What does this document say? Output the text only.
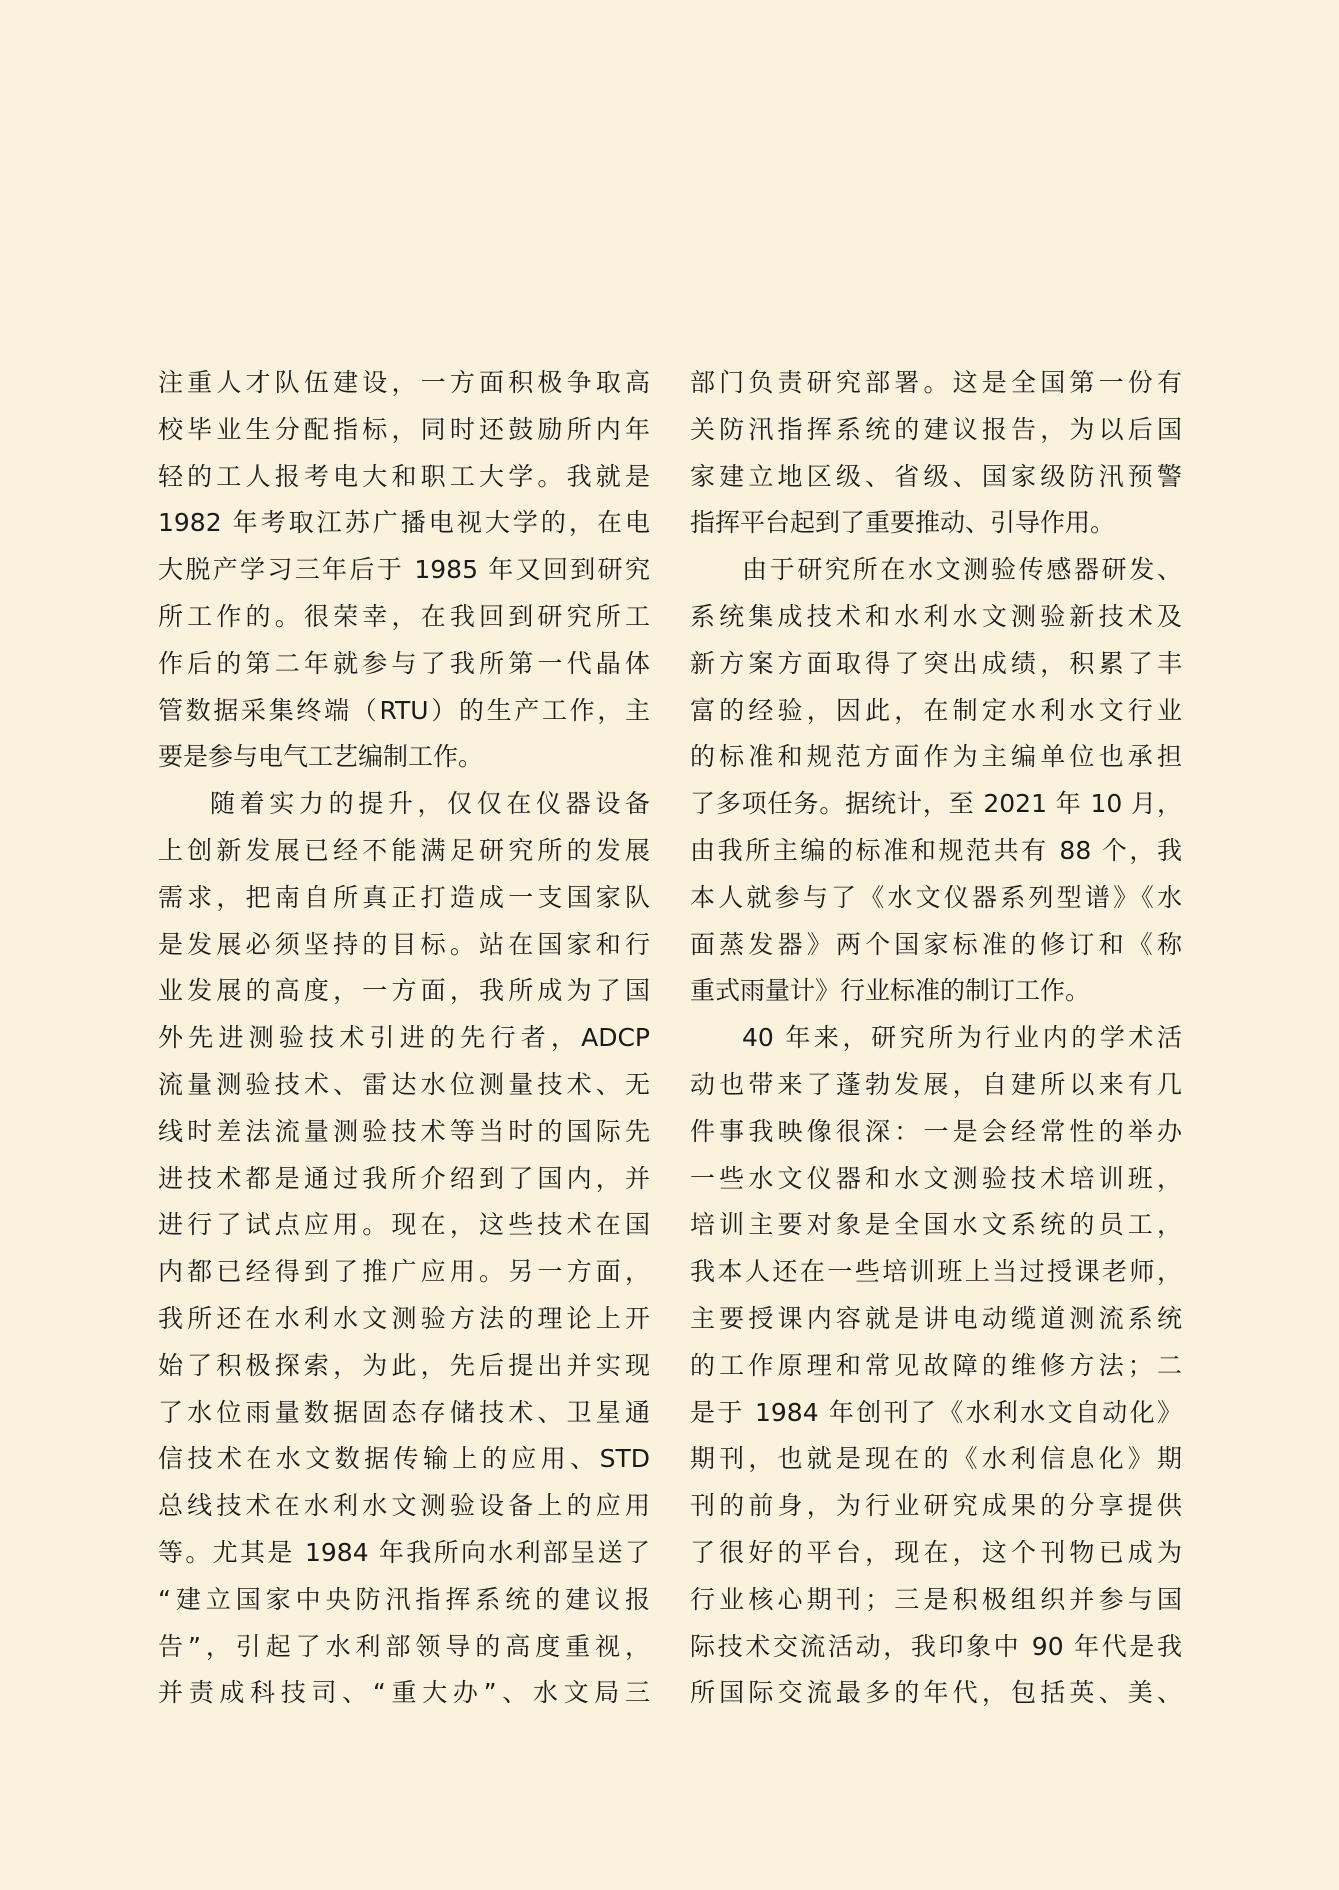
注重人才队伍建设，一方面积极争取高
校毕业生分配指标，同时还鼓励所内年
轻的工人报考电大和职工大学。我就是
1982 年考取江苏广播电视大学的，在电
大脱产学习三年后于 1985 年又回到研究
所工作的。很荣幸，在我回到研究所工
作后的第二年就参与了我所第一代晶体
管数据采集终端（RTU）的生产工作，主
要是参与电气工艺编制工作。
随着实力的提升，仅仅在仪器设备
上创新发展已经不能满足研究所的发展
需求，把南自所真正打造成一支国家队
是发展必须坚持的目标。站在国家和行
业发展的高度，一方面，我所成为了国
外先进测验技术引进的先行者，ADCP
流量测验技术、雷达水位测量技术、无
线时差法流量测验技术等当时的国际先
进技术都是通过我所介绍到了国内，并
进行了试点应用。现在，这些技术在国
内都已经得到了推广应用。另一方面，
我所还在水利水文测验方法的理论上开
始了积极探索，为此，先后提出并实现
了水位雨量数据固态存储技术、卫星通
信技术在水文数据传输上的应用、STD
总线技术在水利水文测验设备上的应用
等。尤其是 1984 年我所向水利部呈送了
“建立国家中央防汛指挥系统的建议报
告”，引起了水利部领导的高度重视，
并责成科技司、“重大办”、水文局三
部门负责研究部署。这是全国第一份有
关防汛指挥系统的建议报告，为以后国
家建立地区级、省级、国家级防汛预警
指挥平台起到了重要推动、引导作用。
由于研究所在水文测验传感器研发、
系统集成技术和水利水文测验新技术及
新方案方面取得了突出成绩，积累了丰
富的经验，因此，在制定水利水文行业
的标准和规范方面作为主编单位也承担
了多项任务。据统计，至 2021 年 10 月，
由我所主编的标准和规范共有 88 个，我
本人就参与了《水文仪器系列型谱》《水
面蒸发器》两个国家标准的修订和《称
重式雨量计》行业标准的制订工作。
40 年来，研究所为行业内的学术活
动也带来了蓬勃发展，自建所以来有几
件事我映像很深：一是会经常性的举办
一些水文仪器和水文测验技术培训班，
培训主要对象是全国水文系统的员工，
我本人还在一些培训班上当过授课老师，
主要授课内容就是讲电动缆道测流系统
的工作原理和常见故障的维修方法；二
是于 1984 年创刊了《水利水文自动化》
期刊，也就是现在的《水利信息化》期
刊的前身，为行业研究成果的分享提供
了很好的平台，现在，这个刊物已成为
行业核心期刊；三是积极组织并参与国
际技术交流活动，我印象中 90 年代是我
所国际交流最多的年代，包括英、美、
